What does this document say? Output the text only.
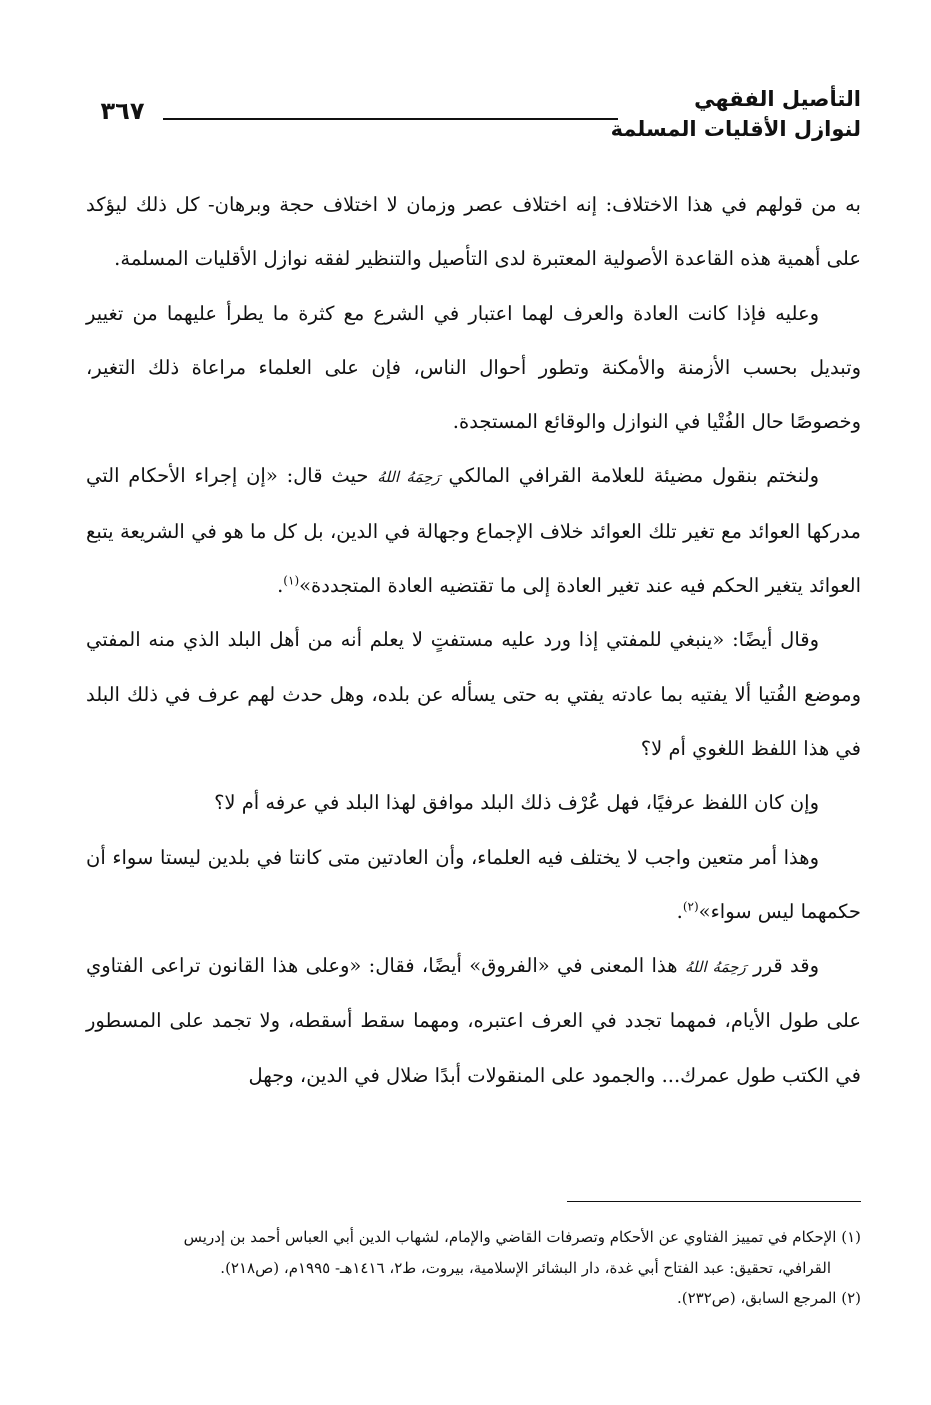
التأصيل الفقهي
لنوازل الأقليات المسلمة
٣٦٧

به من قولهم في هذا الاختلاف: إنه اختلاف عصر وزمان لا اختلاف حجة وبرهان- كل ذلك ليؤكد على أهمية هذه القاعدة الأصولية المعتبرة لدى التأصيل والتنظير لفقه نوازل الأقليات المسلمة.

وعليه فإذا كانت العادة والعرف لهما اعتبار في الشرع مع كثرة ما يطرأ عليهما من تغيير وتبديل بحسب الأزمنة والأمكنة وتطور أحوال الناس، فإن على العلماء مراعاة ذلك التغير، وخصوصًا حال الفُتْيا في النوازل والوقائع المستجدة.

ولنختم بنقول مضيئة للعلامة القرافي المالكي رَحِمَهُ اللهُ حيث قال: «إن إجراء الأحكام التي مدركها العوائد مع تغير تلك العوائد خلاف الإجماع وجهالة في الدين، بل كل ما هو في الشريعة يتبع العوائد يتغير الحكم فيه عند تغير العادة إلى ما تقتضيه العادة المتجددة»$^{(١)}$.

وقال أيضًا: «ينبغي للمفتي إذا ورد عليه مستفتٍ لا يعلم أنه من أهل البلد الذي منه المفتي وموضع الفُتيا ألا يفتيه بما عادته يفتي به حتى يسأله عن بلده، وهل حدث لهم عرف في ذلك البلد في هذا اللفظ اللغوي أم لا؟

وإن كان اللفظ عرفيًا، فهل عُرْف ذلك البلد موافق لهذا البلد في عرفه أم لا؟

وهذا أمر متعين واجب لا يختلف فيه العلماء، وأن العادتين متى كانتا في بلدين ليستا سواء أن حكمهما ليس سواء»$^{(٢)}$.

وقد قرر رَحِمَهُ اللهُ هذا المعنى في «الفروق» أيضًا، فقال: «وعلى هذا القانون تراعى الفتاوي على طول الأيام، فمهما تجدد في العرف اعتبره، ومهما سقط أسقطه، ولا تجمد على المسطور في الكتب طول عمرك... والجمود على المنقولات أبدًا ضلال في الدين، وجهل

(١) الإحكام في تمييز الفتاوي عن الأحكام وتصرفات القاضي والإمام، لشهاب الدين أبي العباس أحمد بن إدريس

القرافي، تحقيق: عبد الفتاح أبي غدة، دار البشائر الإسلامية، بيروت، ط٢، ١٤١٦هـ- ١٩٩٥م، (ص٢١٨).

(٢) المرجع السابق، (ص٢٣٢).
